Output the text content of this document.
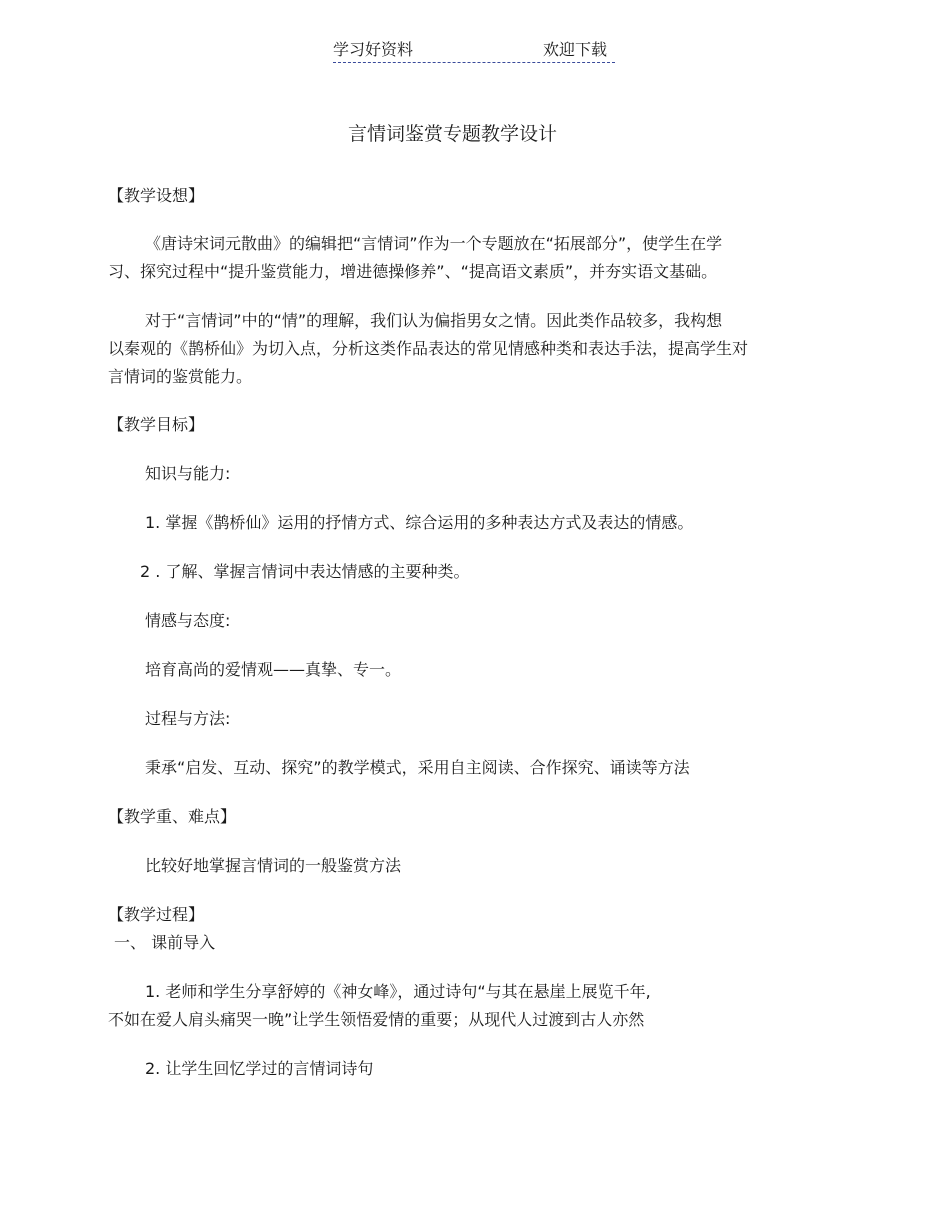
学习好资料	欢迎下载
言情词鉴赏专题教学设计
【教学设想】
《唐诗宋词元散曲》的编辑把“言情词”作为一个专题放在“拓展部分”，使学生在学
习、探究过程中“提升鉴赏能力，增进德操修养”、“提高语文素质”，并夯实语文基础。
对于“言情词”中的“情”的理解，我们认为偏指男女之情。因此类作品较多，我构想
以秦观的《鹊桥仙》为切入点，分析这类作品表达的常见情感种类和表达手法，提高学生对
言情词的鉴赏能力。
【教学目标】
知识与能力:
1. 掌握《鹊桥仙》运用的抒情方式、综合运用的多种表达方式及表达的情感。
2 . 了解、掌握言情词中表达情感的主要种类。
情感与态度:
培育高尚的爱情观——真挚、专一。
过程与方法:
秉承“启发、互动、探究”的教学模式，采用自主阅读、合作探究、诵读等方法
【教学重、难点】
比较好地掌握言情词的一般鉴赏方法
【教学过程】
一、 课前导入
1. 老师和学生分享舒婷的《神女峰》，通过诗句“与其在悬崖上展览千年,
不如在爱人肩头痛哭一晚”让学生领悟爱情的重要；从现代人过渡到古人亦然
2. 让学生回忆学过的言情词诗句
